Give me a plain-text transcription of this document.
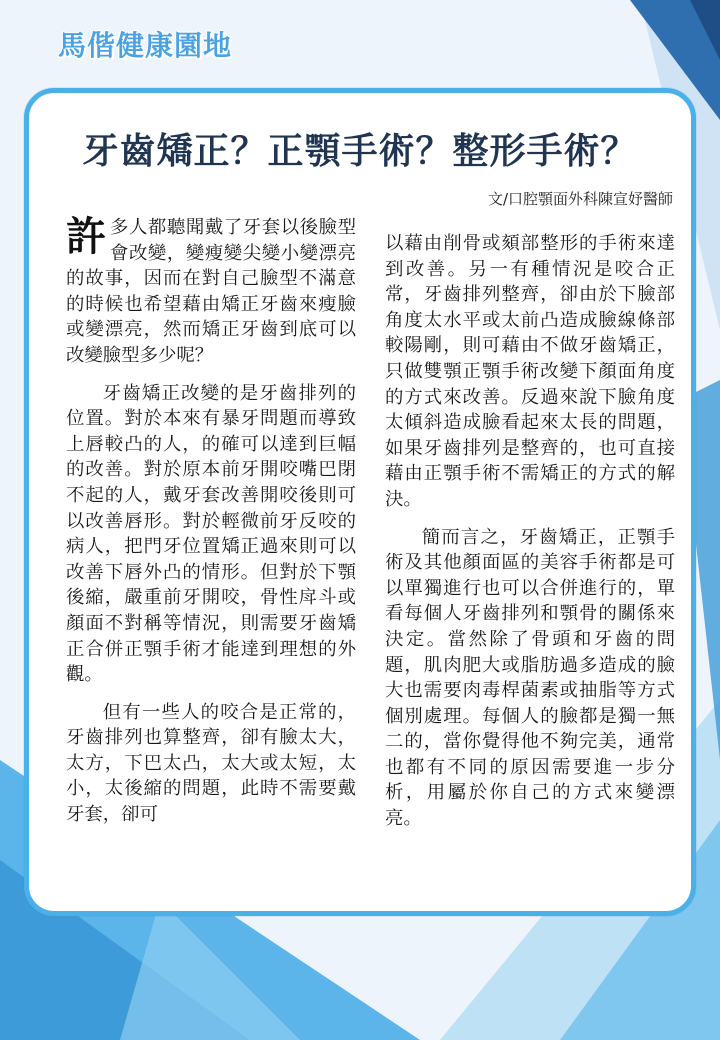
馬偕健康園地
牙齒矯正？正顎手術？整形手術？
文/口腔顎面外科陳宣妤醫師

許多人都聽聞戴了牙套以後臉型會改變，變瘦變尖變小變漂亮的故事，因而在對自己臉型不滿意的時候也希望藉由矯正牙齒來瘦臉或變漂亮，然而矯正牙齒到底可以改變臉型多少呢？

牙齒矯正改變的是牙齒排列的位置。對於本來有暴牙問題而導致上唇較凸的人，的確可以達到巨幅的改善。對於原本前牙開咬嘴巴閉不起的人，戴牙套改善開咬後則可以改善唇形。對於輕微前牙反咬的病人，把門牙位置矯正過來則可以改善下唇外凸的情形。但對於下顎後縮，嚴重前牙開咬，骨性戽斗或顏面不對稱等情況，則需要牙齒矯正合併正顎手術才能達到理想的外觀。

但有一些人的咬合是正常的，牙齒排列也算整齊，卻有臉太大，太方，下巴太凸，太大或太短，太小，太後縮的問題，此時不需要戴牙套，卻可

以藉由削骨或頦部整形的手術來達到改善。另一有種情況是咬合正常，牙齒排列整齊，卻由於下臉部角度太水平或太前凸造成臉線條部較陽剛，則可藉由不做牙齒矯正，只做雙顎正顎手術改變下顏面角度的方式來改善。反過來說下臉角度太傾斜造成臉看起來太長的問題，如果牙齒排列是整齊的，也可直接藉由正顎手術不需矯正的方式的解決。

簡而言之，牙齒矯正，正顎手術及其他顏面區的美容手術都是可以單獨進行也可以合併進行的，單看每個人牙齒排列和顎骨的關係來決定。當然除了骨頭和牙齒的問題，肌肉肥大或脂肪過多造成的臉大也需要肉毒桿菌素或抽脂等方式個別處理。每個人的臉都是獨一無二的，當你覺得他不夠完美，通常也都有不同的原因需要進一步分析，用屬於你自己的方式來變漂亮。
